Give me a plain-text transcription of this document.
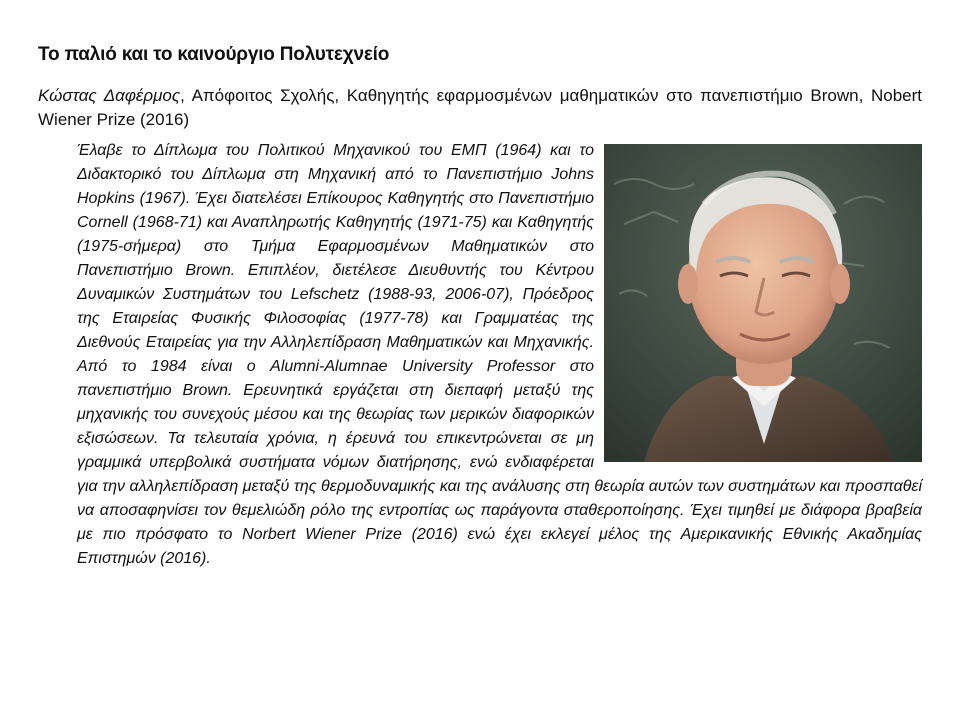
Το παλιό και το καινούργιο Πολυτεχνείο
Κώστας Δαφέρμος, Απόφοιτος Σχολής, Καθηγητής εφαρμοσμένων μαθηματικών στο πανεπιστήμιο Brown, Nobert Wiener Prize (2016)
Έλαβε το Δίπλωμα του Πολιτικού Μηχανικού του ΕΜΠ (1964) και το Διδακτορικό του Δίπλωμα στη Μηχανική από το Πανεπιστήμιο Johns Hopkins (1967). Έχει διατελέσει Επίκουρος Καθηγητής στο Πανεπιστήμιο Cornell (1968-71) και Αναπληρωτής Καθηγητής (1971-75) και Καθηγητής (1975-σήμερα) στο Τμήμα Εφαρμοσμένων Μαθηματικών στο Πανεπιστήμιο Brown. Επιπλέον, διετέλεσε Διευθυντής του Κέντρου Δυναμικών Συστημάτων του Lefschetz (1988-93, 2006-07), Πρόεδρος της Εταιρείας Φυσικής Φιλοσοφίας (1977-78) και Γραμματέας της Διεθνούς Εταιρείας για την Αλληλεπίδραση Μαθηματικών και Μηχανικής. Από το 1984 είναι ο Alumni-Alumnae University Professor στο πανεπιστήμιο Brown. Ερευνητικά εργάζεται στη διεπαφή μεταξύ της μηχανικής του συνεχούς μέσου και της θεωρίας των μερικών διαφορικών εξισώσεων. Τα τελευταία χρόνια, η έρευνά του επικεντρώνεται σε μη γραμμικά υπερβολικά συστήματα νόμων διατήρησης, ενώ ενδιαφέρεται για την αλληλεπίδραση μεταξύ της θερμοδυναμικής και της ανάλυσης στη θεωρία αυτών των συστημάτων και προσπαθεί να αποσαφηνίσει τον θεμελιώδη ρόλο της εντροπίας ως παράγοντα σταθεροποίησης. Έχει τιμηθεί με διάφορα βραβεία με πιο πρόσφατο το Norbert Wiener Prize (2016) ενώ έχει εκλεγεί μέλος της Αμερικανικής Εθνικής Ακαδημίας Επιστημών (2016).
